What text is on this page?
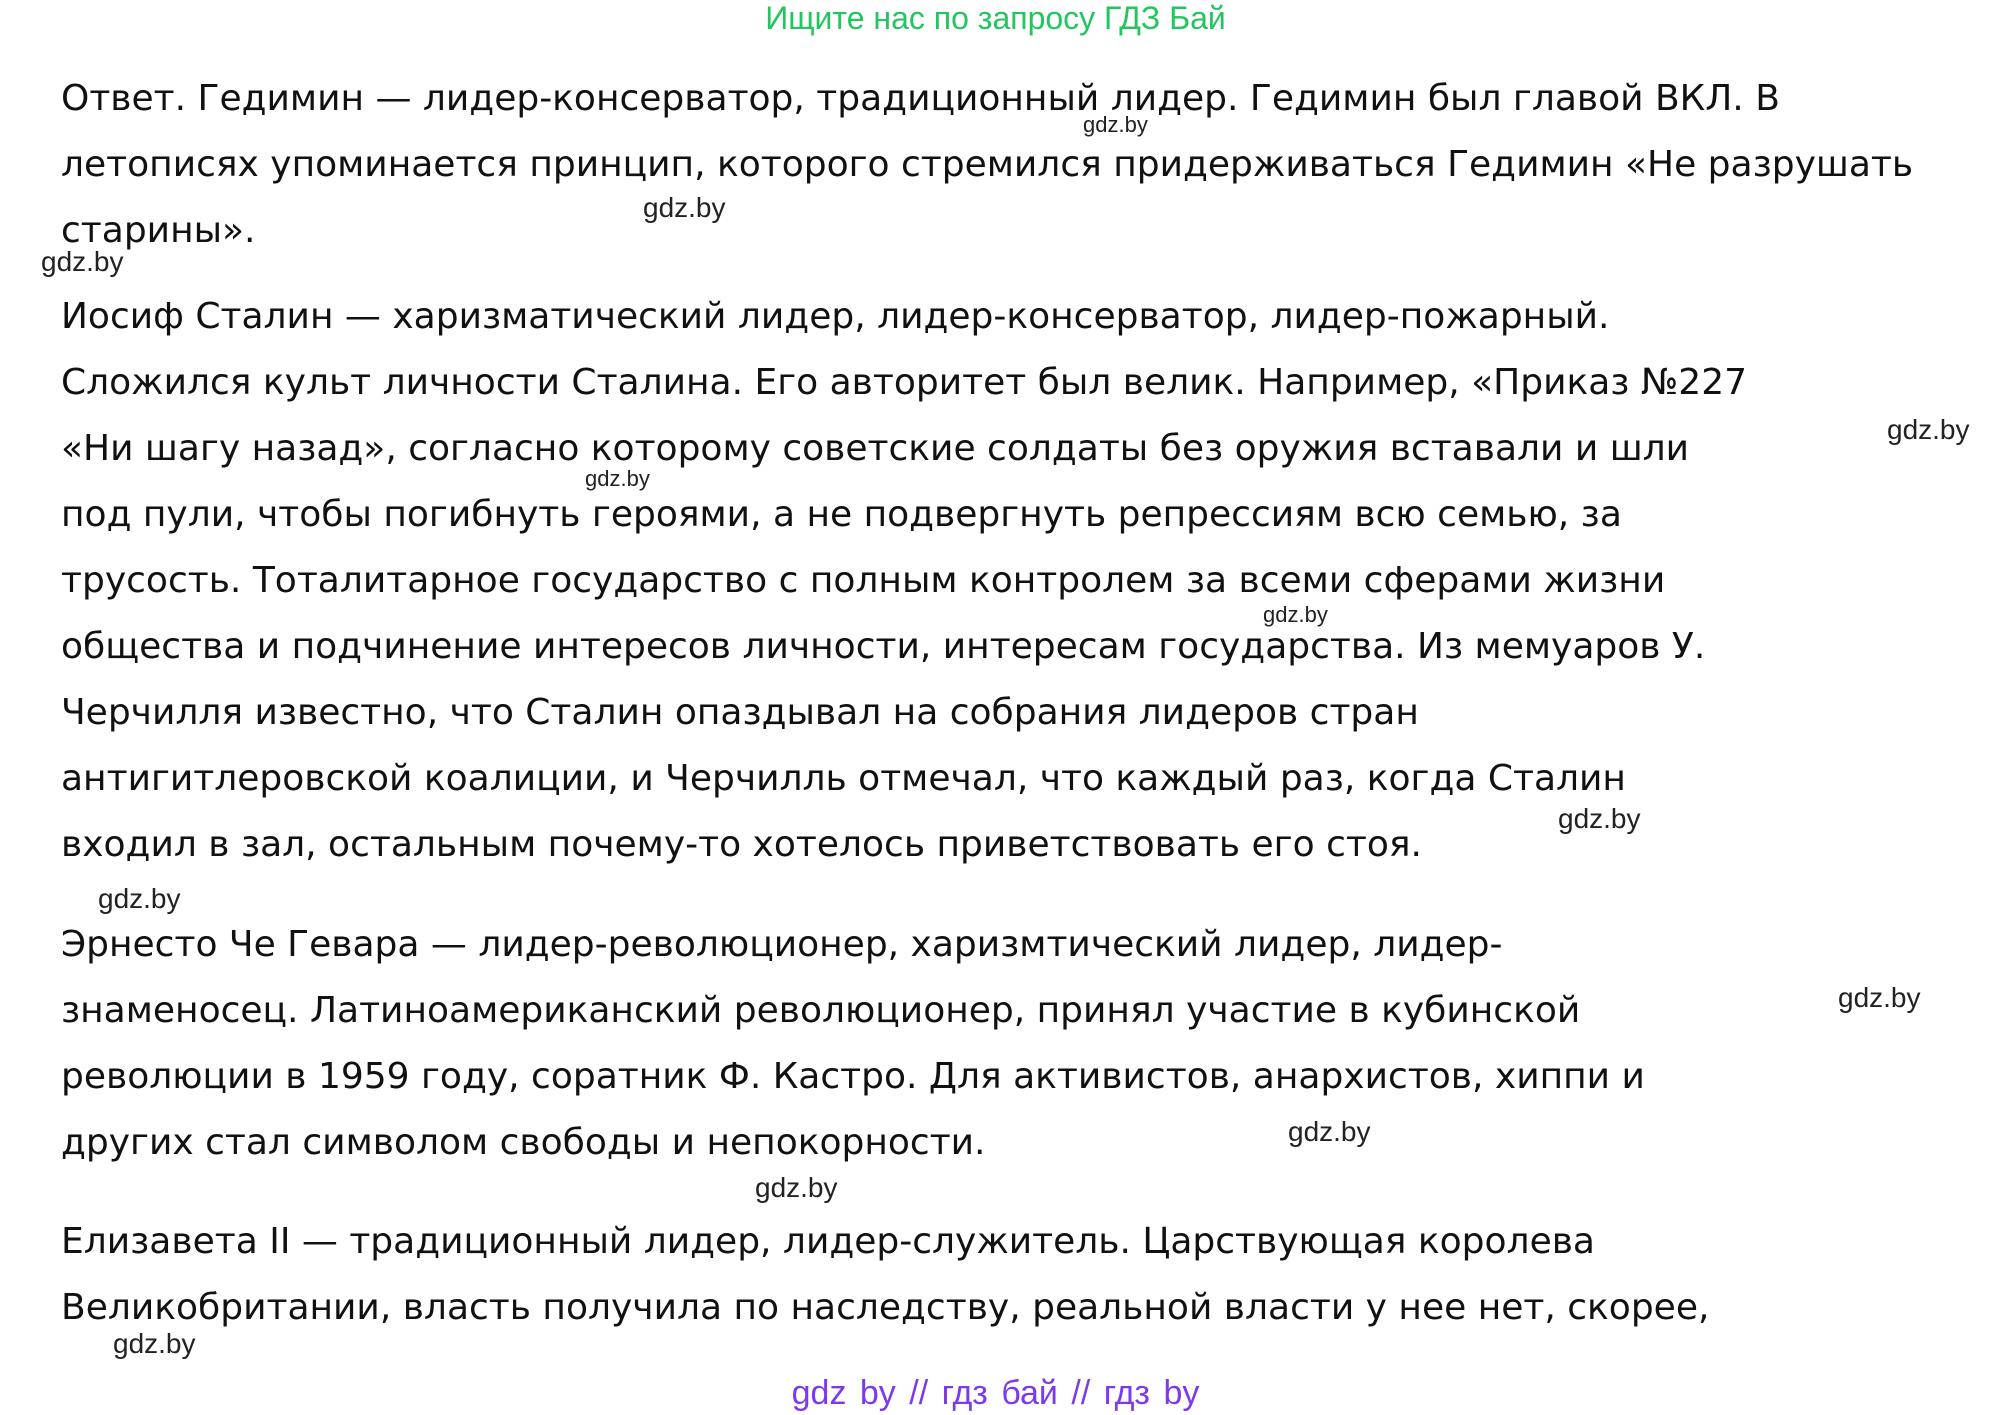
Ищите нас по запросу ГДЗ Бай
Ответ. Гедимин — лидер-консерватор, традиционный лидер. Гедимин был главой ВКЛ. В
летописях упоминается принцип, которого стремился придерживаться Гедимин «Не разрушать
старины».
Иосиф Сталин — харизматический лидер, лидер-консерватор, лидер-пожарный.
Сложился культ личности Сталина. Его авторитет был велик. Например, «Приказ №227
«Ни шагу назад», согласно которому советские солдаты без оружия вставали и шли
под пули, чтобы погибнуть героями, а не подвергнуть репрессиям всю семью, за
трусость. Тоталитарное государство с полным контролем за всеми сферами жизни
общества и подчинение интересов личности, интересам государства. Из мемуаров У.
Черчилля известно, что Сталин опаздывал на собрания лидеров стран
антигитлеровской коалиции, и Черчилль отмечал, что каждый раз, когда Сталин
входил в зал, остальным почему-то хотелось приветствовать его стоя.
Эрнесто Че Гевара — лидер-революционер, харизмтический лидер, лидер-
знаменосец. Латиноамериканский революционер, принял участие в кубинской
революции в 1959 году, соратник Ф. Кастро. Для активистов, анархистов, хиппи и
других стал символом свободы и непокорности.
Елизавета II — традиционный лидер, лидер-служитель. Царствующая королева
Великобритании, власть получила по наследству, реальной власти у нее нет, скорее,
gdz.by
gdz.by
gdz.by
gdz.by
gdz.by
gdz.by
gdz.by
gdz.by
gdz.by
gdz.by
gdz.by
gdz.by
gdz by // гдз бай // гдз by
